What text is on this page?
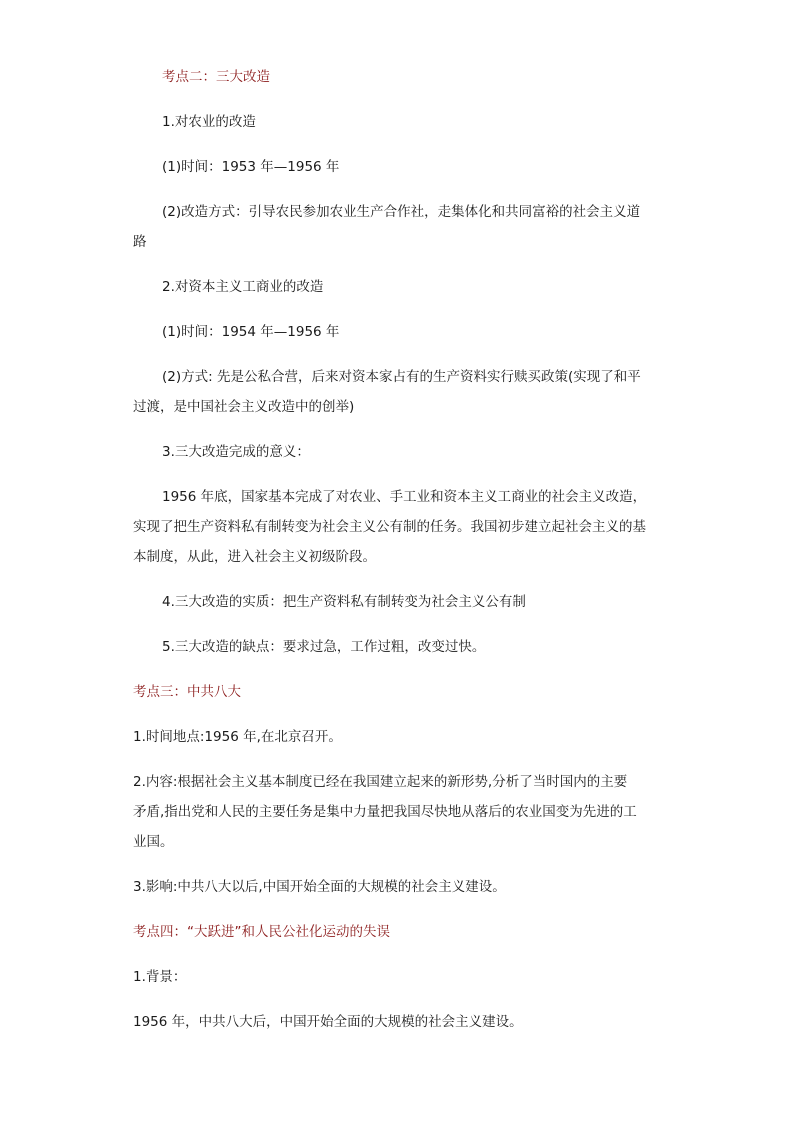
考点二：三大改造

1.对农业的改造

(1)时间：1953 年—1956 年

(2)改造方式：引导农民参加农业生产合作社，走集体化和共同富裕的社会主义道

路

2.对资本主义工商业的改造

(1)时间：1954 年—1956 年

(2)方式: 先是公私合营，后来对资本家占有的生产资料实行赎买政策(实现了和平

过渡，是中国社会主义改造中的创举)

3.三大改造完成的意义：

1956 年底，国家基本完成了对农业、手工业和资本主义工商业的社会主义改造，

实现了把生产资料私有制转变为社会主义公有制的任务。我国初步建立起社会主义的基

本制度，从此，进入社会主义初级阶段。

4.三大改造的实质：把生产资料私有制转变为社会主义公有制

5.三大改造的缺点：要求过急，工作过粗，改变过快。

考点三：中共八大

1.时间地点:1956 年,在北京召开。

2.内容:根据社会主义基本制度已经在我国建立起来的新形势,分析了当时国内的主要

矛盾,指出党和人民的主要任务是集中力量把我国尽快地从落后的农业国变为先进的工

业国。

3.影响:中共八大以后,中国开始全面的大规模的社会主义建设。

考点四：“大跃进”和人民公社化运动的失误

1.背景：

1956 年，中共八大后，中国开始全面的大规模的社会主义建设。
